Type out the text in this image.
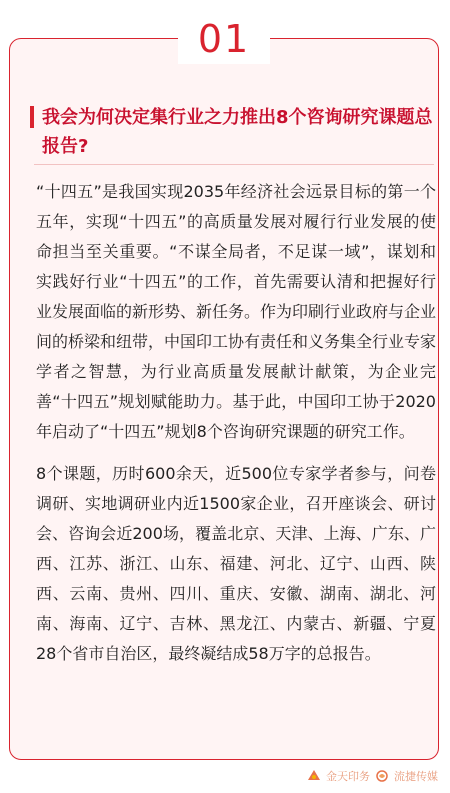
我会为何决定集行业之力推出8个咨询研究课题总报告?

“十四五”是我国实现2035年经济社会远景目标的第一个五年，实现“十四五”的高质量发展对履行行业发展的使命担当至关重要。“不谋全局者，不足谋一域”，谋划和实践好行业“十四五”的工作，首先需要认清和把握好行业发展面临的新形势、新任务。作为印刷行业政府与企业间的桥梁和纽带，中国印工协有责任和义务集全行业专家学者之智慧，为行业高质量发展献计献策，为企业完善“十四五”规划赋能助力。基于此，中国印工协于2020年启动了“十四五”规划8个咨询研究课题的研究工作。

8个课题，历时600余天，近500位专家学者参与，问卷调研、实地调研业内近1500家企业，召开座谈会、研讨会、咨询会近200场，覆盖北京、天津、上海、广东、广西、江苏、浙江、山东、福建、河北、辽宁、山西、陕西、云南、贵州、四川、重庆、安徽、湖南、湖北、河南、海南、辽宁、吉林、黑龙江、内蒙古、新疆、宁夏28个省市自治区，最终凝结成58万字的总报告。

01
金天印务 流捷传媒
